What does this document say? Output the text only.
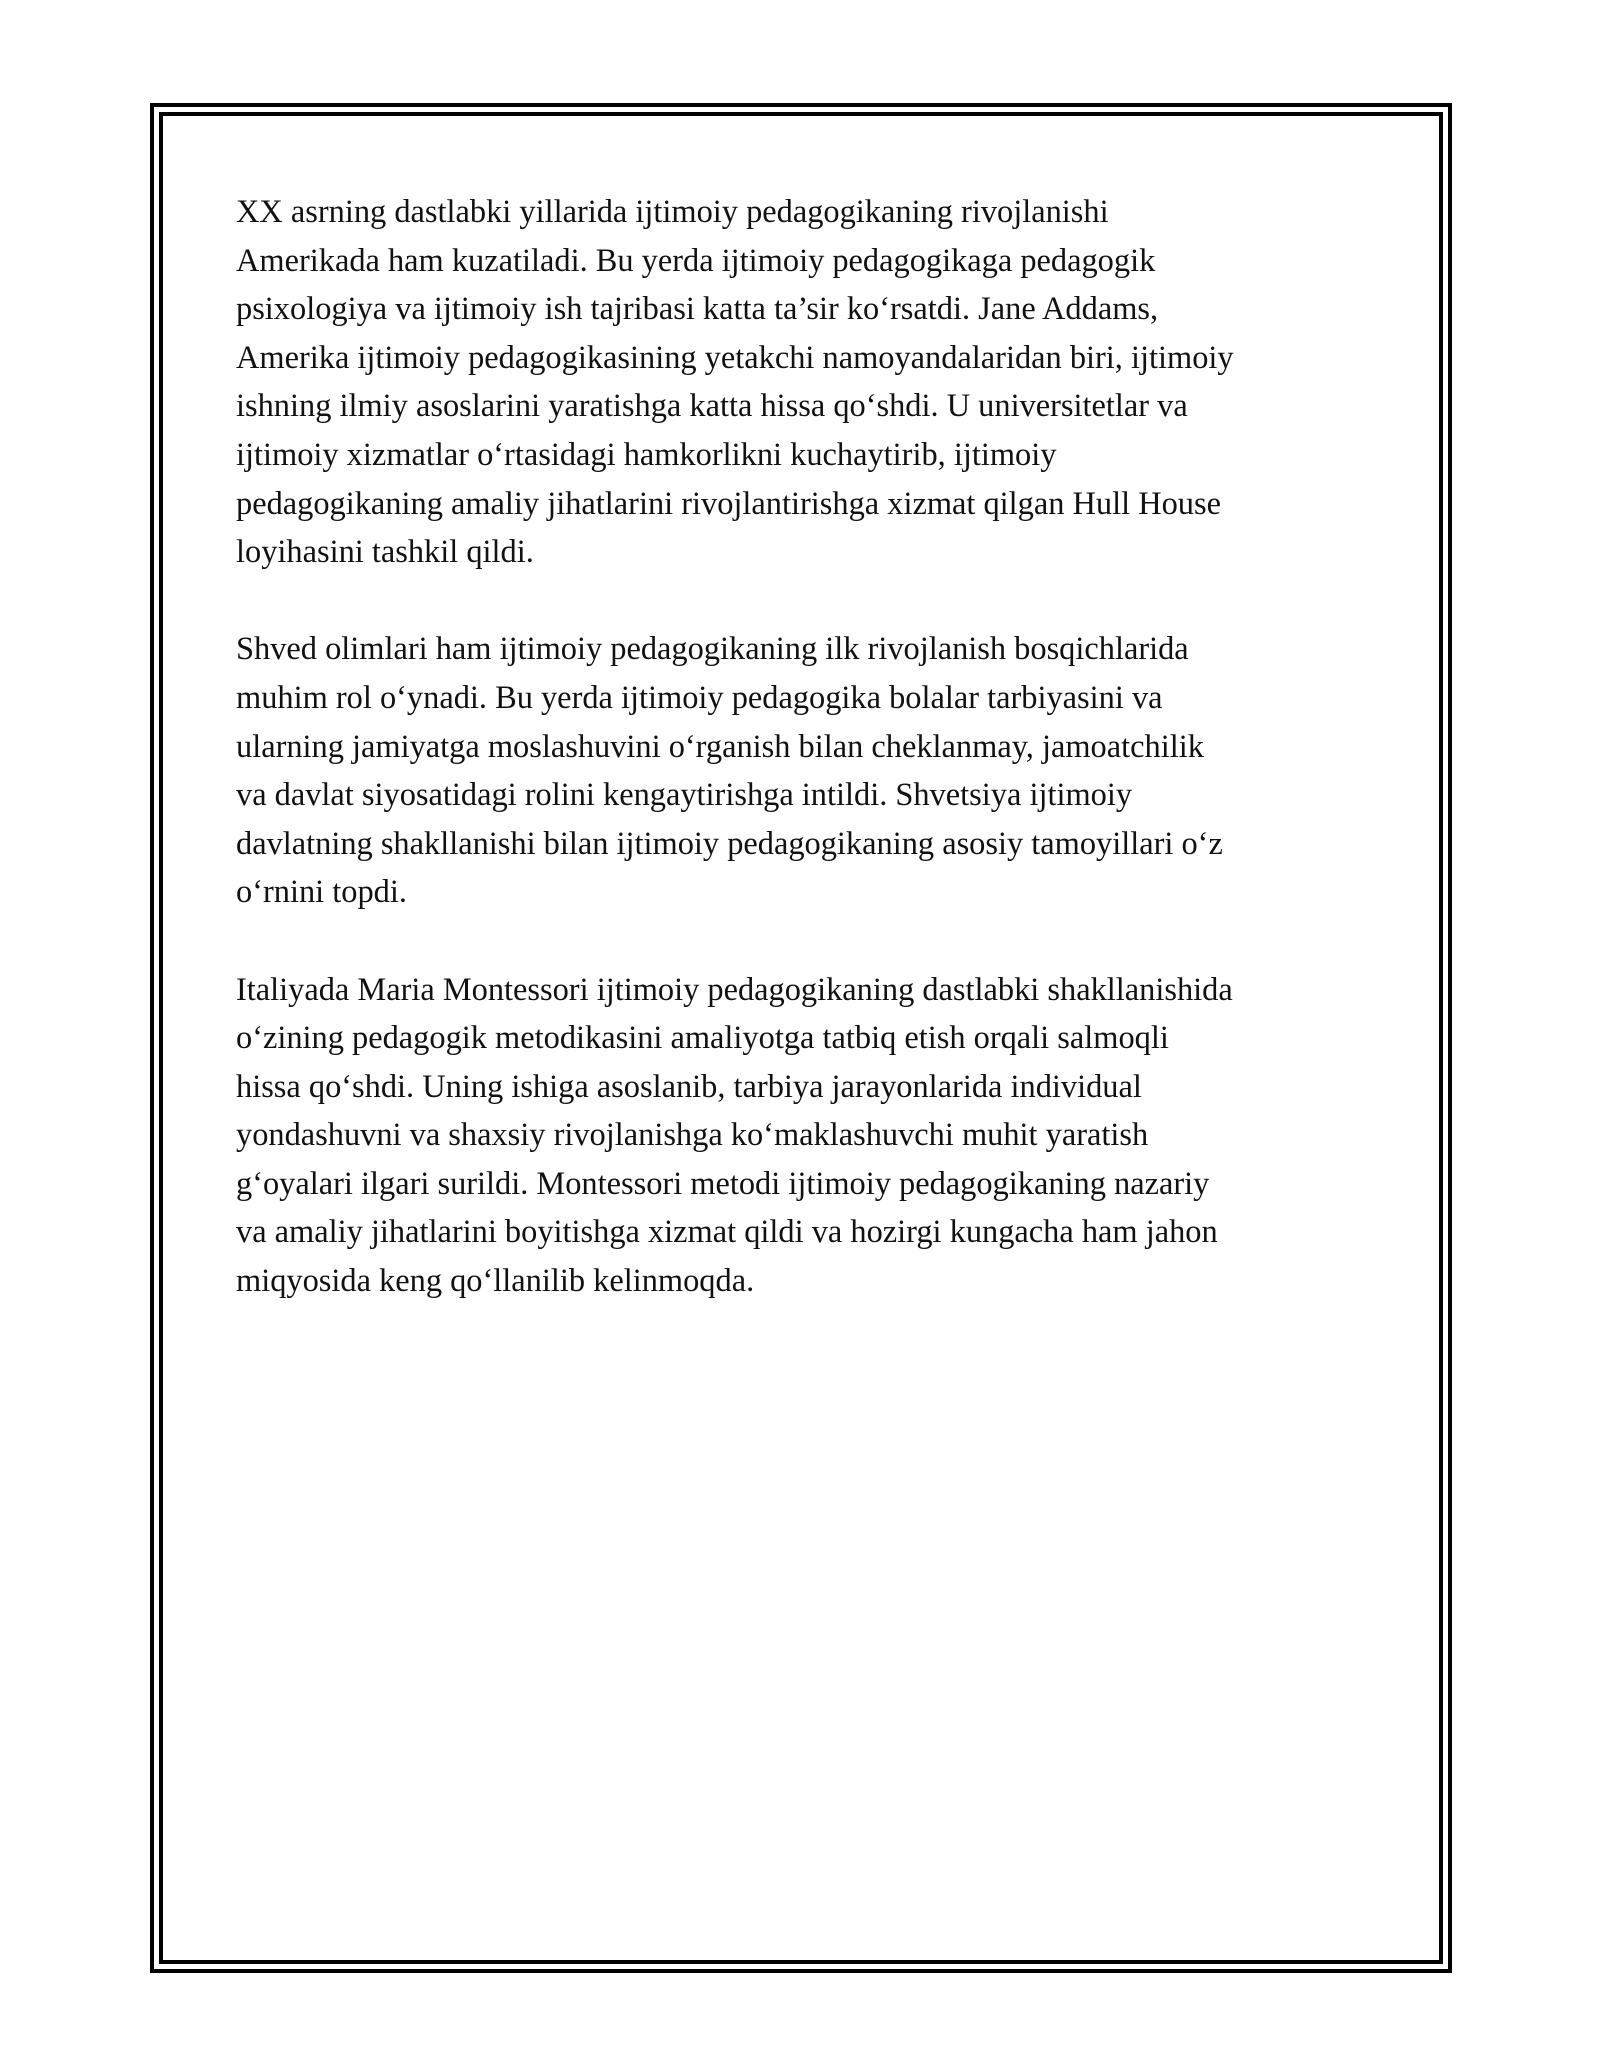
XX asrning dastlabki yillarida ijtimoiy pedagogikaning rivojlanishi
Amerikada ham kuzatiladi. Bu yerda ijtimoiy pedagogikaga pedagogik
psixologiya va ijtimoiy ish tajribasi katta ta’sir koʻrsatdi. Jane Addams,
Amerika ijtimoiy pedagogikasining yetakchi namoyandalaridan biri, ijtimoiy
ishning ilmiy asoslarini yaratishga katta hissa qoʻshdi. U universitetlar va
ijtimoiy xizmatlar oʻrtasidagi hamkorlikni kuchaytirib, ijtimoiy
pedagogikaning amaliy jihatlarini rivojlantirishga xizmat qilgan Hull House
loyihasini tashkil qildi.

Shved olimlari ham ijtimoiy pedagogikaning ilk rivojlanish bosqichlarida
muhim rol oʻynadi. Bu yerda ijtimoiy pedagogika bolalar tarbiyasini va
ularning jamiyatga moslashuvini oʻrganish bilan cheklanmay, jamoatchilik
va davlat siyosatidagi rolini kengaytirishga intildi. Shvetsiya ijtimoiy
davlatning shakllanishi bilan ijtimoiy pedagogikaning asosiy tamoyillari oʻz
oʻrnini topdi.

Italiyada Maria Montessori ijtimoiy pedagogikaning dastlabki shakllanishida
oʻzining pedagogik metodikasini amaliyotga tatbiq etish orqali salmoqli
hissa qoʻshdi. Uning ishiga asoslanib, tarbiya jarayonlarida individual
yondashuvni va shaxsiy rivojlanishga koʻmaklashuvchi muhit yaratish
gʻoyalari ilgari surildi. Montessori metodi ijtimoiy pedagogikaning nazariy
va amaliy jihatlarini boyitishga xizmat qildi va hozirgi kungacha ham jahon
miqyosida keng qoʻllanilib kelinmoqda.
